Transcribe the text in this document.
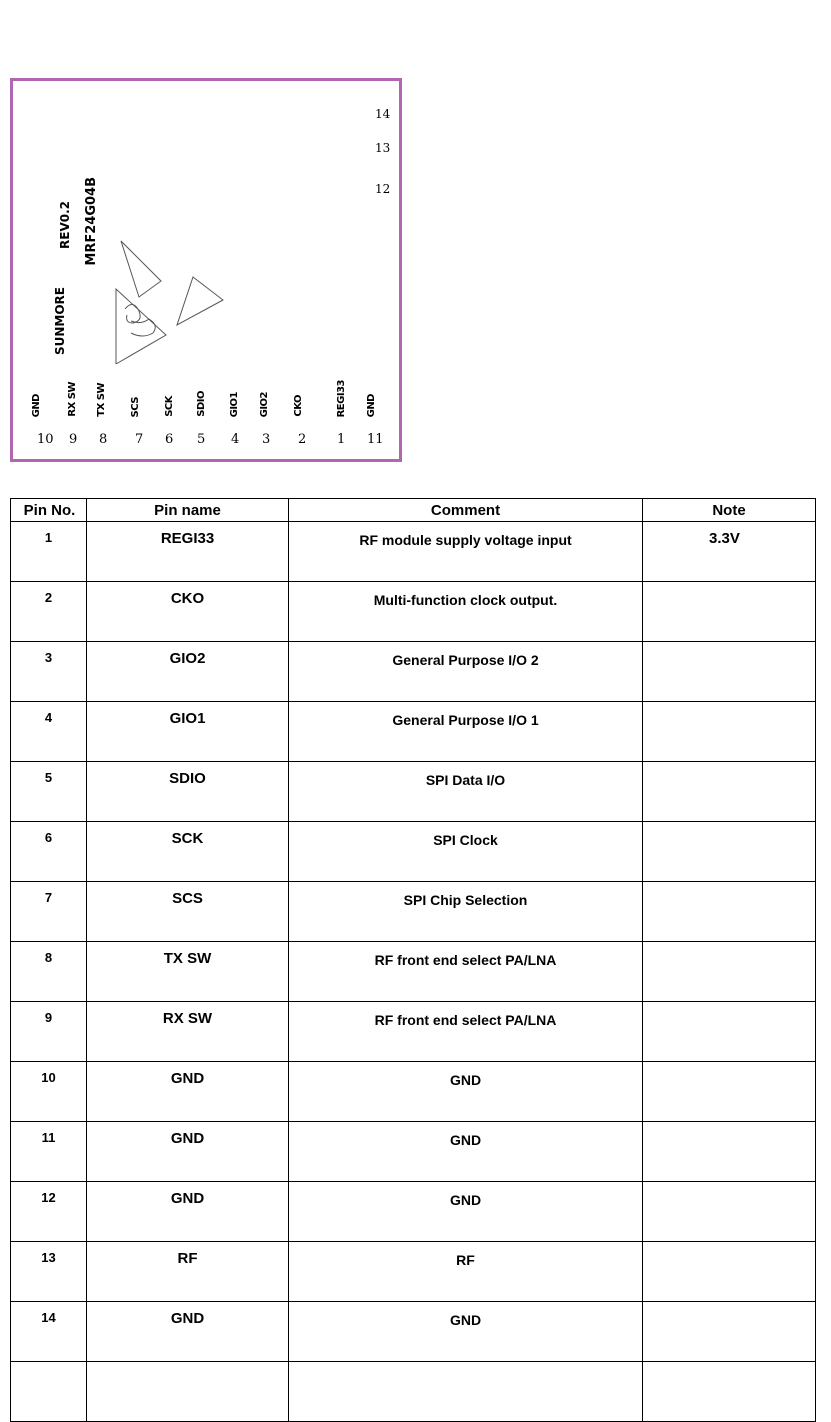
14
13
12
SUNMORE
REV0.2 MRF24G04B
10
GND
9
RX SW
8
TX SW
7
SCS
6
SCK
5
SDIO
4
GIO1
3
GIO2
2
CKO
1
REGI33
11
GND
Pin No.	Pin name	Comment	Note
1	REGI33	RF module supply voltage input	3.3V
2	CKO	Multi-function clock output.	
3	GIO2	General Purpose I/O 2	
4	GIO1	General Purpose I/O 1	
5	SDIO	SPI Data I/O	
6	SCK	SPI Clock	
7	SCS	SPI Chip Selection	
8	TX SW	RF front end select PA/LNA	
9	RX SW	RF front end select PA/LNA	
10	GND	GND	
11	GND	GND	
12	GND	GND	
13	RF	RF	
14	GND	GND	
